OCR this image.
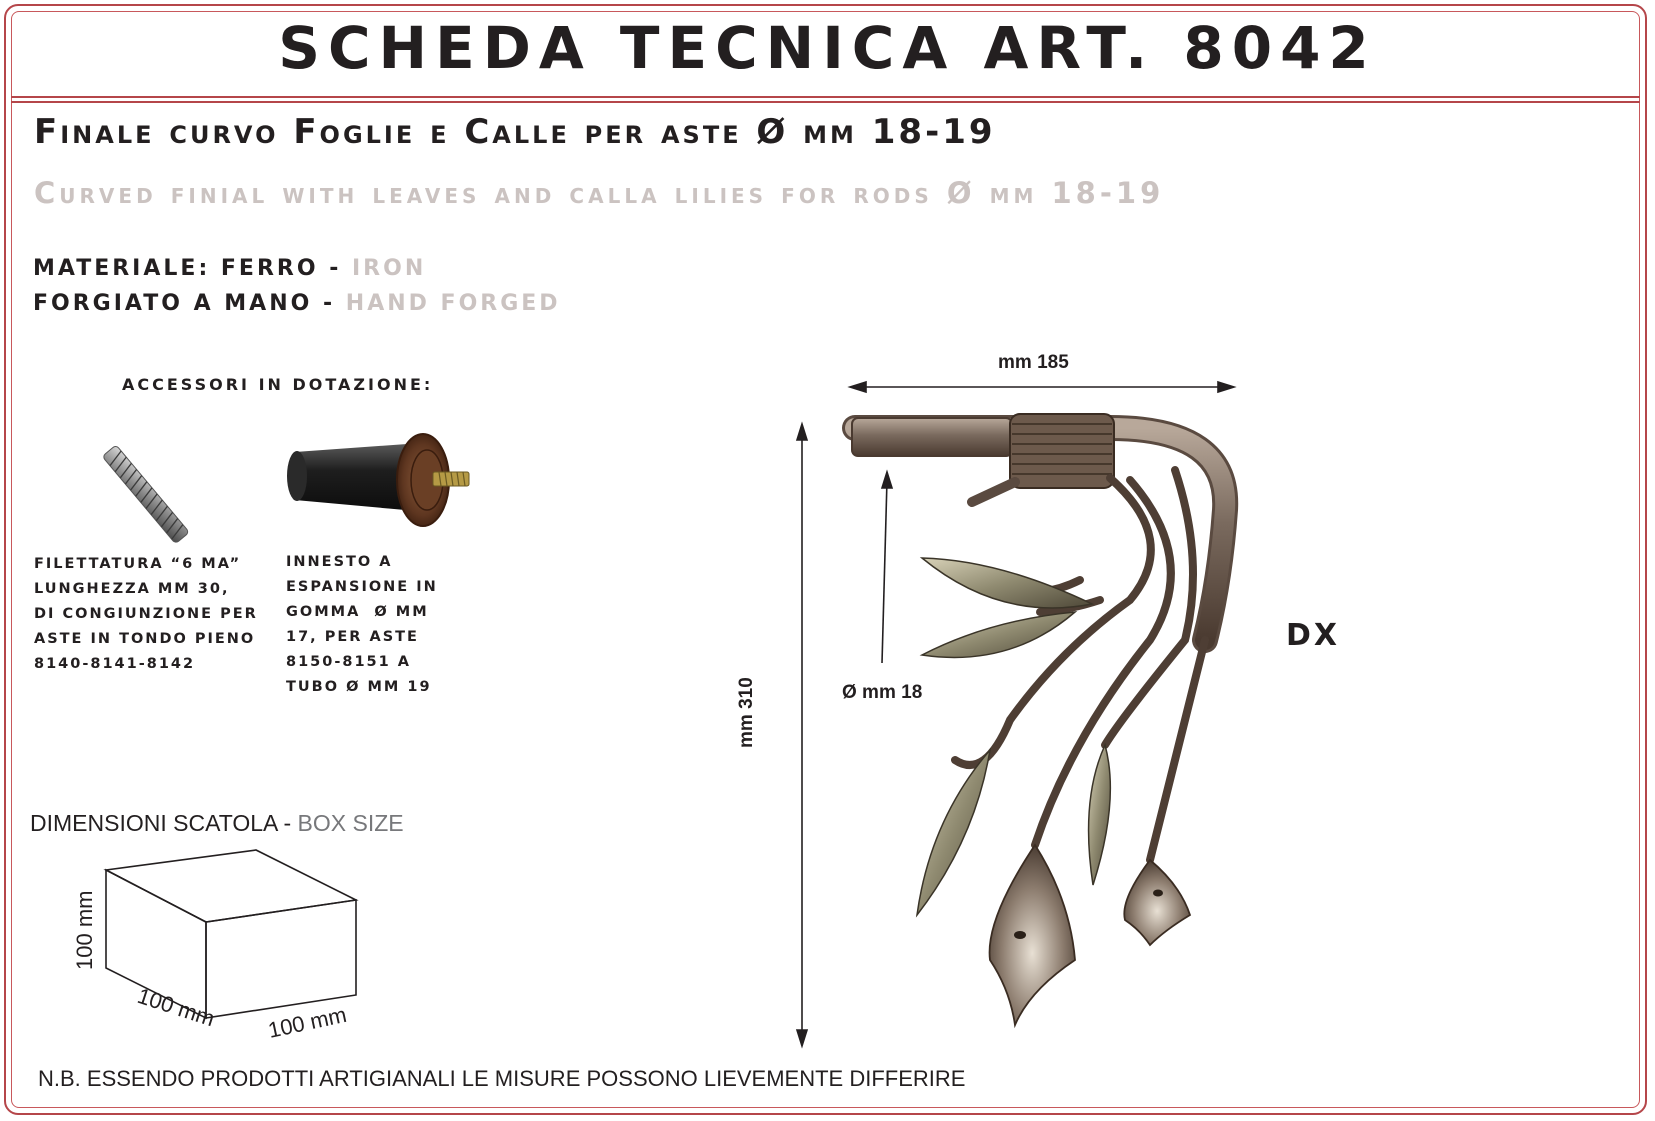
SCHEDA TECNICA ART. 8042
Finale curvo Foglie e Calle per aste Ø mm 18-19
Curved finial with leaves and calla lilies for rods Ø mm 18-19
MATERIALE: FERRO - IRON
FORGIATO A MANO - HAND FORGED
ACCESSORI IN DOTAZIONE:
FILETTATURA “6 MA”
LUNGHEZZA MM 30,
DI CONGIUNZIONE PER
ASTE IN TONDO PIENO
8140-8141-8142
INNESTO A
ESPANSIONE IN
GOMMA  Ø MM
17, PER ASTE
8150-8151 A
TUBO Ø MM 19
DIMENSIONI SCATOLA - BOX SIZE
100 mm
100 mm 100 mm
N.B. ESSENDO PRODOTTI ARTIGIANALI LE MISURE POSSONO LIEVEMENTE DIFFERIRE
mm 185
mm 310	Ø mm 18
DX
